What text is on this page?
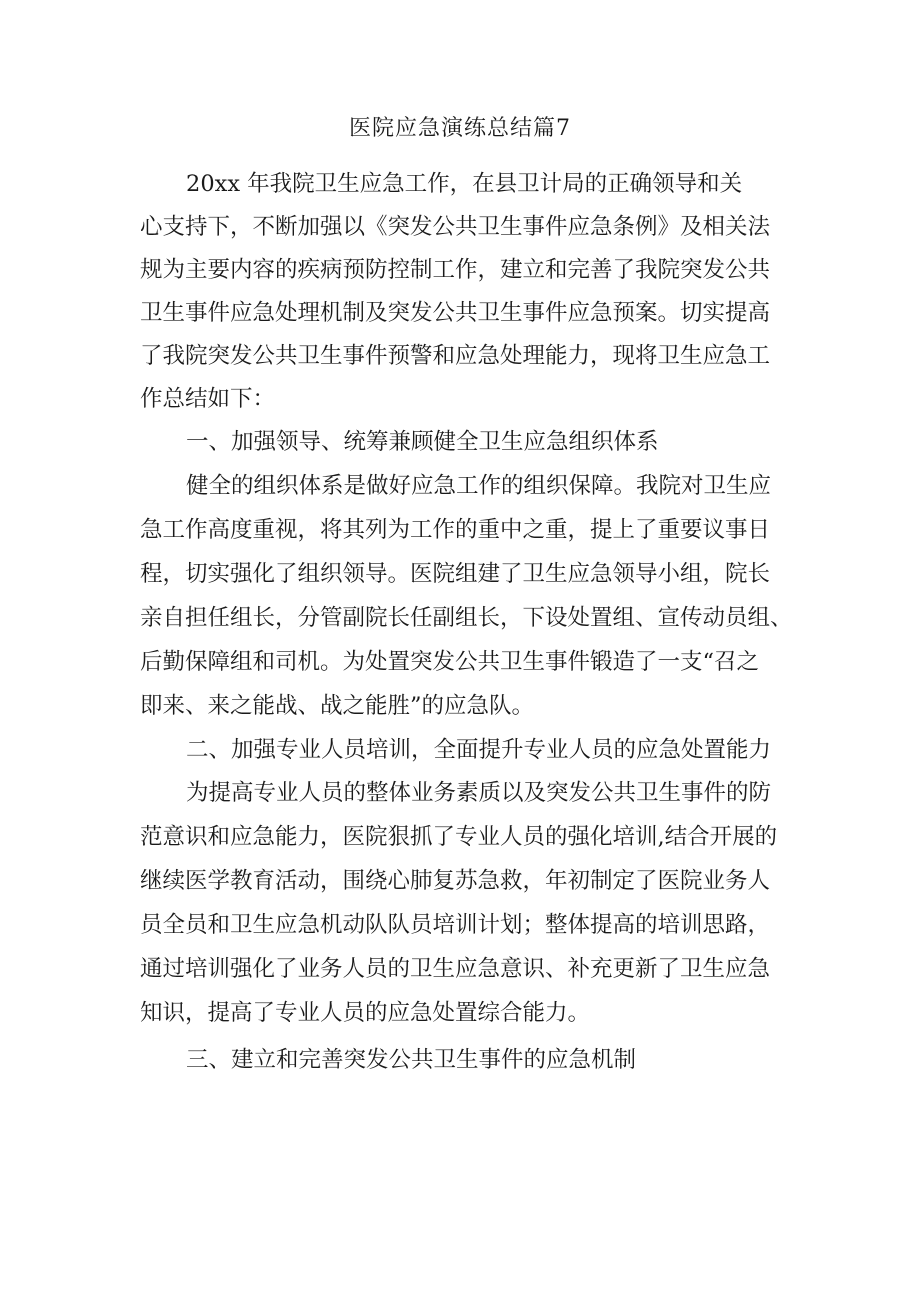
医院应急演练总结篇7

20xx 年我院卫生应急工作，在县卫计局的正确领导和关

心支持下，不断加强以《突发公共卫生事件应急条例》及相关法

规为主要内容的疾病预防控制工作，建立和完善了我院突发公共

卫生事件应急处理机制及突发公共卫生事件应急预案。切实提高

了我院突发公共卫生事件预警和应急处理能力，现将卫生应急工

作总结如下：

一、加强领导、统筹兼顾健全卫生应急组织体系

健全的组织体系是做好应急工作的组织保障。我院对卫生应

急工作高度重视，将其列为工作的重中之重，提上了重要议事日

程，切实强化了组织领导。医院组建了卫生应急领导小组，院长

亲自担任组长，分管副院长任副组长，下设处置组、宣传动员组、

后勤保障组和司机。为处置突发公共卫生事件锻造了一支“召之

即来、来之能战、战之能胜”的应急队。

二、加强专业人员培训，全面提升专业人员的应急处置能力

为提高专业人员的整体业务素质以及突发公共卫生事件的防

范意识和应急能力，医院狠抓了专业人员的强化培训,结合开展的

继续医学教育活动，围绕心肺复苏急救，年初制定了医院业务人

员全员和卫生应急机动队队员培训计划；整体提高的培训思路，

通过培训强化了业务人员的卫生应急意识、补充更新了卫生应急

知识，提高了专业人员的应急处置综合能力。

三、建立和完善突发公共卫生事件的应急机制
